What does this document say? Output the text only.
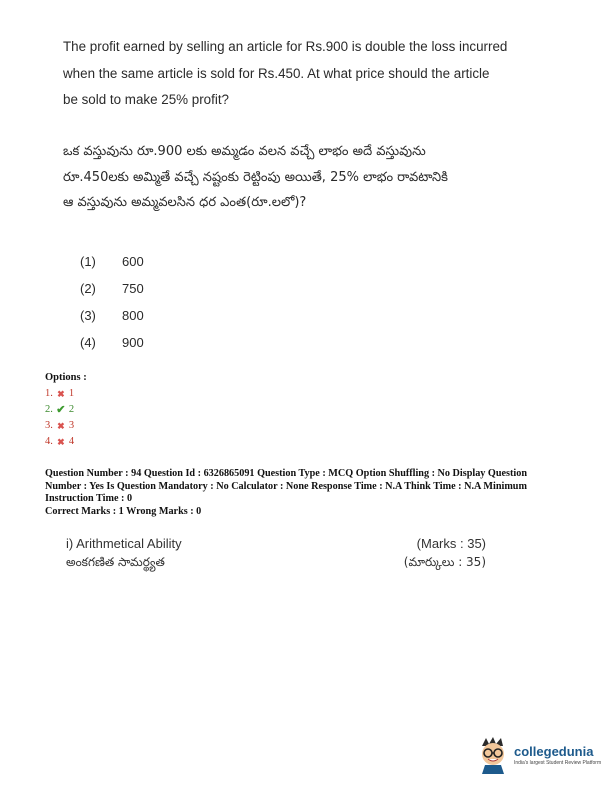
The profit earned by selling an article for Rs.900 is double the loss incurred
when the same article is sold for Rs.450. At what price should the article
be sold to make 25% profit?
ఒక వస్తువును రూ.900 లకు అమ్మడం వలన వచ్చే లాభం అదే వస్తువును
రూ.450లకు అమ్మితే వచ్చే నష్టంకు రెట్టింపు అయితే, 25% లాభం రావటానికి
ఆ వస్తువును అమ్మవలసిన ధర ఎంత(రూ.లలో)?
(1)	600
(2)	750
(3)	800
(4)	900
Options :
1. ✖ 1
2. ✔ 2
3. ✖ 3
4. ✖ 4
Question Number : 94 Question Id : 6326865091 Question Type : MCQ Option Shuffling : No Display Question
Number : Yes Is Question Mandatory : No Calculator : None Response Time : N.A Think Time : N.A Minimum
Instruction Time : 0
Correct Marks : 1 Wrong Marks : 0
i) Arithmetical Ability	(Marks : 35)
అంకగణిత సామర్థ్యత	(మార్కులు : 35)
collegedunia
India's largest Student Review Platform
